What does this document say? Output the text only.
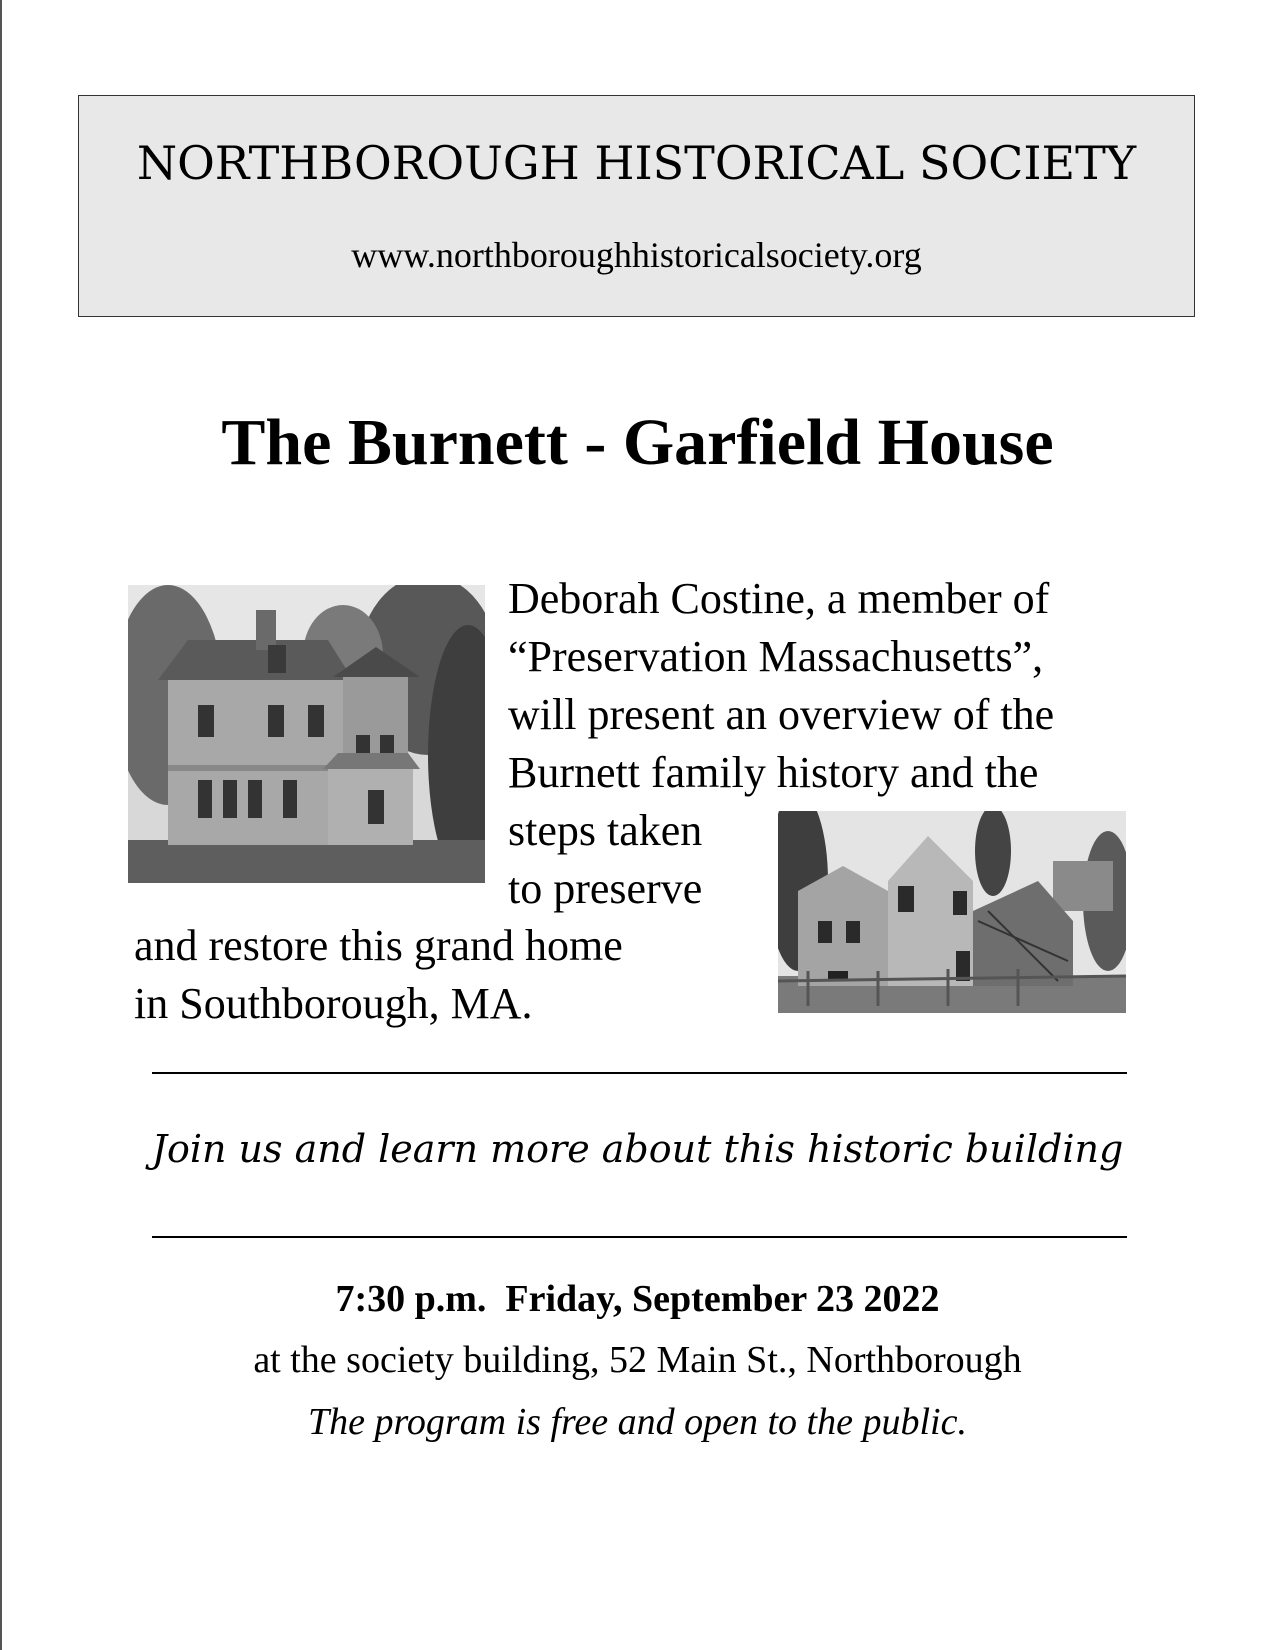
NORTHBOROUGH HISTORICAL SOCIETY
www.northboroughhistoricalsociety.org
The Burnett - Garfield House
Deborah Costine, a member of
“Preservation Massachusetts”,
will present an overview of the
Burnett family history and the
steps taken
to preserve
and restore this grand home
in Southborough, MA.
Join us and learn more about this historic building
7:30 p.m.  Friday, September 23 2022
at the society building, 52 Main St., Northborough
The program is free and open to the public.
